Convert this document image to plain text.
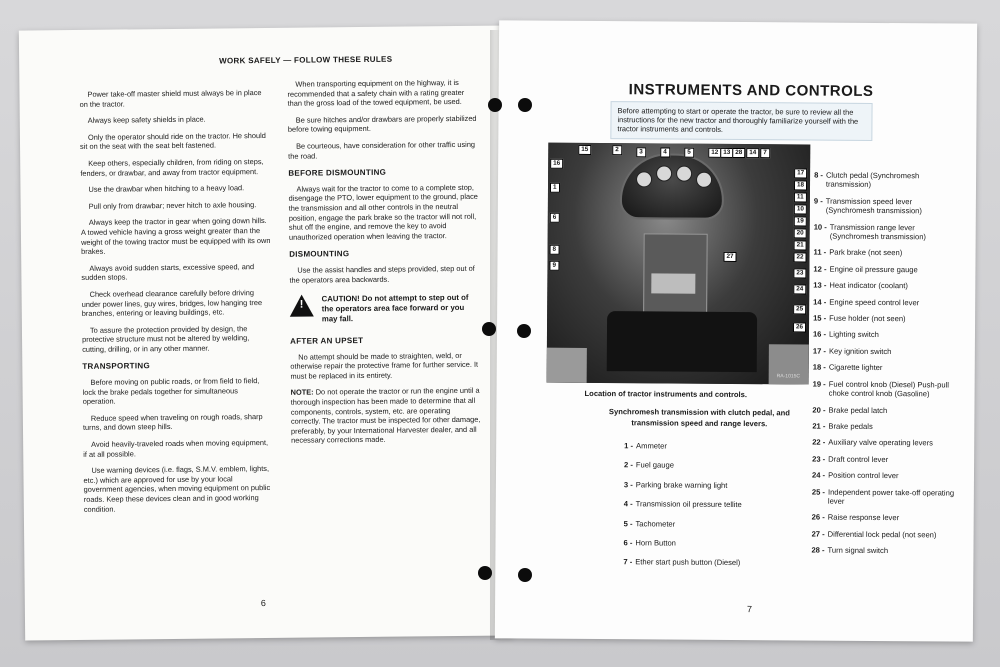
WORK SAFELY — FOLLOW THESE RULES

Power take-off master shield must always be in place on the tractor.

Always keep safety shields in place.

Only the operator should ride on the tractor. He should sit on the seat with the seat belt fastened.

Keep others, especially children, from riding on steps, fenders, or drawbar, and away from tractor equipment.

Use the drawbar when hitching to a heavy load.

Pull only from drawbar; never hitch to axle housing.

Always keep the tractor in gear when going down hills. A towed vehicle having a gross weight greater than the weight of the towing tractor must be equipped with its own brakes.

Always avoid sudden starts, excessive speed, and sudden stops.

Check overhead clearance carefully before driving under power lines, guy wires, bridges, low hanging tree branches, entering or leaving buildings, etc.

To assure the protection provided by design, the protective structure must not be altered by welding, cutting, drilling, or in any other manner.

TRANSPORTING

Before moving on public roads, or from field to field, lock the brake pedals together for simultaneous operation.

Reduce speed when traveling on rough roads, sharp turns, and down steep hills.

Avoid heavily-traveled roads when moving equipment, if at all possible.

Use warning devices (i.e. flags, S.M.V. emblem, lights, etc.) which are approved for use by your local government agencies, when moving equipment on public roads. Keep these devices clean and in good working condition.

When transporting equipment on the highway, it is recommended that a safety chain with a rating greater than the gross load of the towed equipment, be used.

Be sure hitches and/or drawbars are properly stabilized before towing equipment.

Be courteous, have consideration for other traffic using the road.

BEFORE DISMOUNTING

Always wait for the tractor to come to a complete stop, disengage the PTO, lower equipment to the ground, place the transmission and all other controls in the neutral position, engage the park brake so the tractor will not roll, shut off the engine, and remove the key to avoid unauthorized operation when leaving the tractor.

DISMOUNTING

Use the assist handles and steps provided, step out of the operators area backwards.

!
CAUTION! Do not attempt to step out of the operators area face forward or you may fall.
AFTER AN UPSET

No attempt should be made to straighten, weld, or otherwise repair the protective frame for further service. It must be replaced in its entirety.

NOTE: Do not operate the tractor or run the engine until a thorough inspection has been made to determine that all components, controls, system, etc. are operating correctly. The tractor must be inspected for other damage, preferably, by your International Harvester dealer, and all necessary corrections made.

6
INSTRUMENTS AND CONTROLS
Before attempting to start or operate the tractor, be sure to review all the instructions for the new tractor and thoroughly familiarize yourself with the tractor instruments and controls.
15	2	3	4	5	12 13 28	14	7
16
1
17
6
18
8
11
9
10
19
20
21
22
23
24
25
26
27
RA-1015C
Location of tractor instruments and controls.
Synchromesh transmission with clutch pedal, and transmission speed and range levers.
1 - Ammeter
2 - Fuel gauge
3 - Parking brake warning light
4 - Transmission oil pressure tellite
5 - Tachometer
6 - Horn Button
7 - Ether start push button (Diesel)
8 - Clutch pedal (Synchromesh transmission)
9 - Transmission speed lever (Synchromesh transmission)
10 - Transmission range lever (Synchromesh transmission)
11 - Park brake (not seen)
12 - Engine oil pressure gauge
13 - Heat indicator (coolant)
14 - Engine speed control lever
15 - Fuse holder (not seen)
16 - Lighting switch
17 - Key ignition switch
18 - Cigarette lighter
19 - Fuel control knob (Diesel) Push-pull choke control knob (Gasoline)
20 - Brake pedal latch
21 - Brake pedals
22 - Auxiliary valve operating levers
23 - Draft control lever
24 - Position control lever
25 - Independent power take-off operating lever
26 - Raise response lever
27 - Differential lock pedal (not seen)
28 - Turn signal switch
7
